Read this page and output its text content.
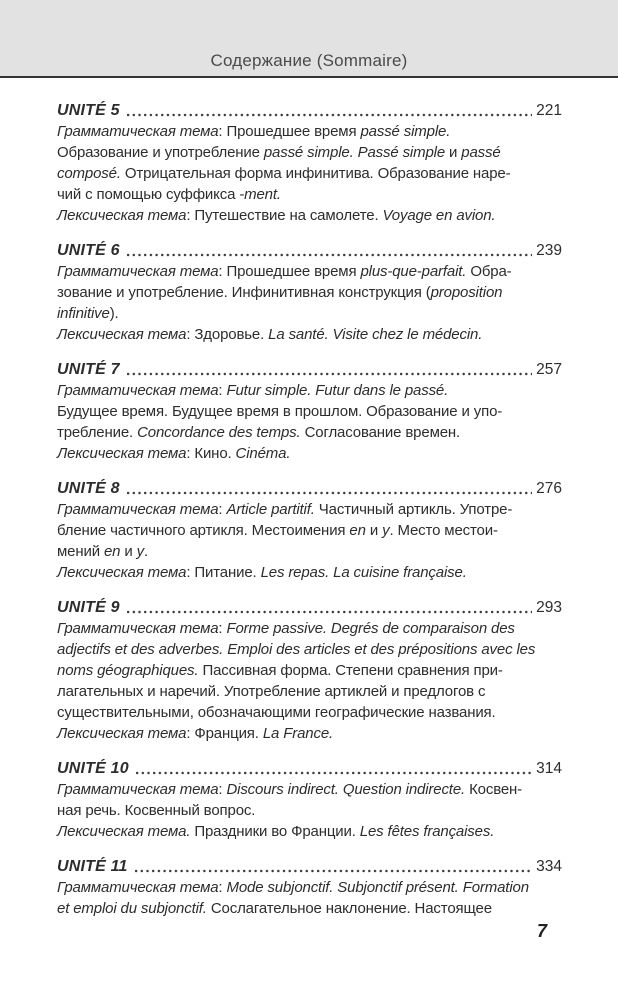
Содержание (Sommaire)
UNITÉ 5	221
Грамматическая тема: Прошедшее время passé simple.
Образование и употребление passé simple. Passé simple и passé
composé. Отрицательная форма инфинитива. Образование наре-
чий с помощью суффикса -ment.
Лексическая тема: Путешествие на самолете. Voyage en avion.
UNITÉ 6	239
Грамматическая тема: Прошедшее время plus-que-parfait. Обра-
зование и употребление. Инфинитивная конструкция (proposition
infinitive).
Лексическая тема: Здоровье. La santé. Visite chez le médecin.
UNITÉ 7	257
Грамматическая тема: Futur simple. Futur dans le passé.
Будущее время. Будущее время в прошлом. Образование и упо-
требление. Concordance des temps. Согласование времен.
Лексическая тема: Кино. Cinéma.
UNITÉ 8	276
Грамматическая тема: Article partitif. Частичный артикль. Употре-
бление частичного артикля. Местоимения en и y. Место местои-
мений en и y.
Лексическая тема: Питание. Les repas. La cuisine française.
UNITÉ 9	293
Грамматическая тема: Forme passive. Degrés de comparaison des
adjectifs et des adverbes. Emploi des articles et des prépositions avec les
noms géographiques. Пассивная форма. Степени сравнения при-
лагательных и наречий. Употребление артиклей и предлогов с
существительными, обозначающими географические названия.
Лексическая тема: Франция. La France.
UNITÉ 10	314
Грамматическая тема: Discours indirect. Question indirecte. Косвен-
ная речь. Косвенный вопрос.
Лексическая тема. Праздники во Франции. Les fêtes françaises.
UNITÉ 11	334
Грамматическая тема: Mode subjonctif. Subjonctif présent. Formation
et emploi du subjonctif. Сослагательное наклонение. Настоящее
7
